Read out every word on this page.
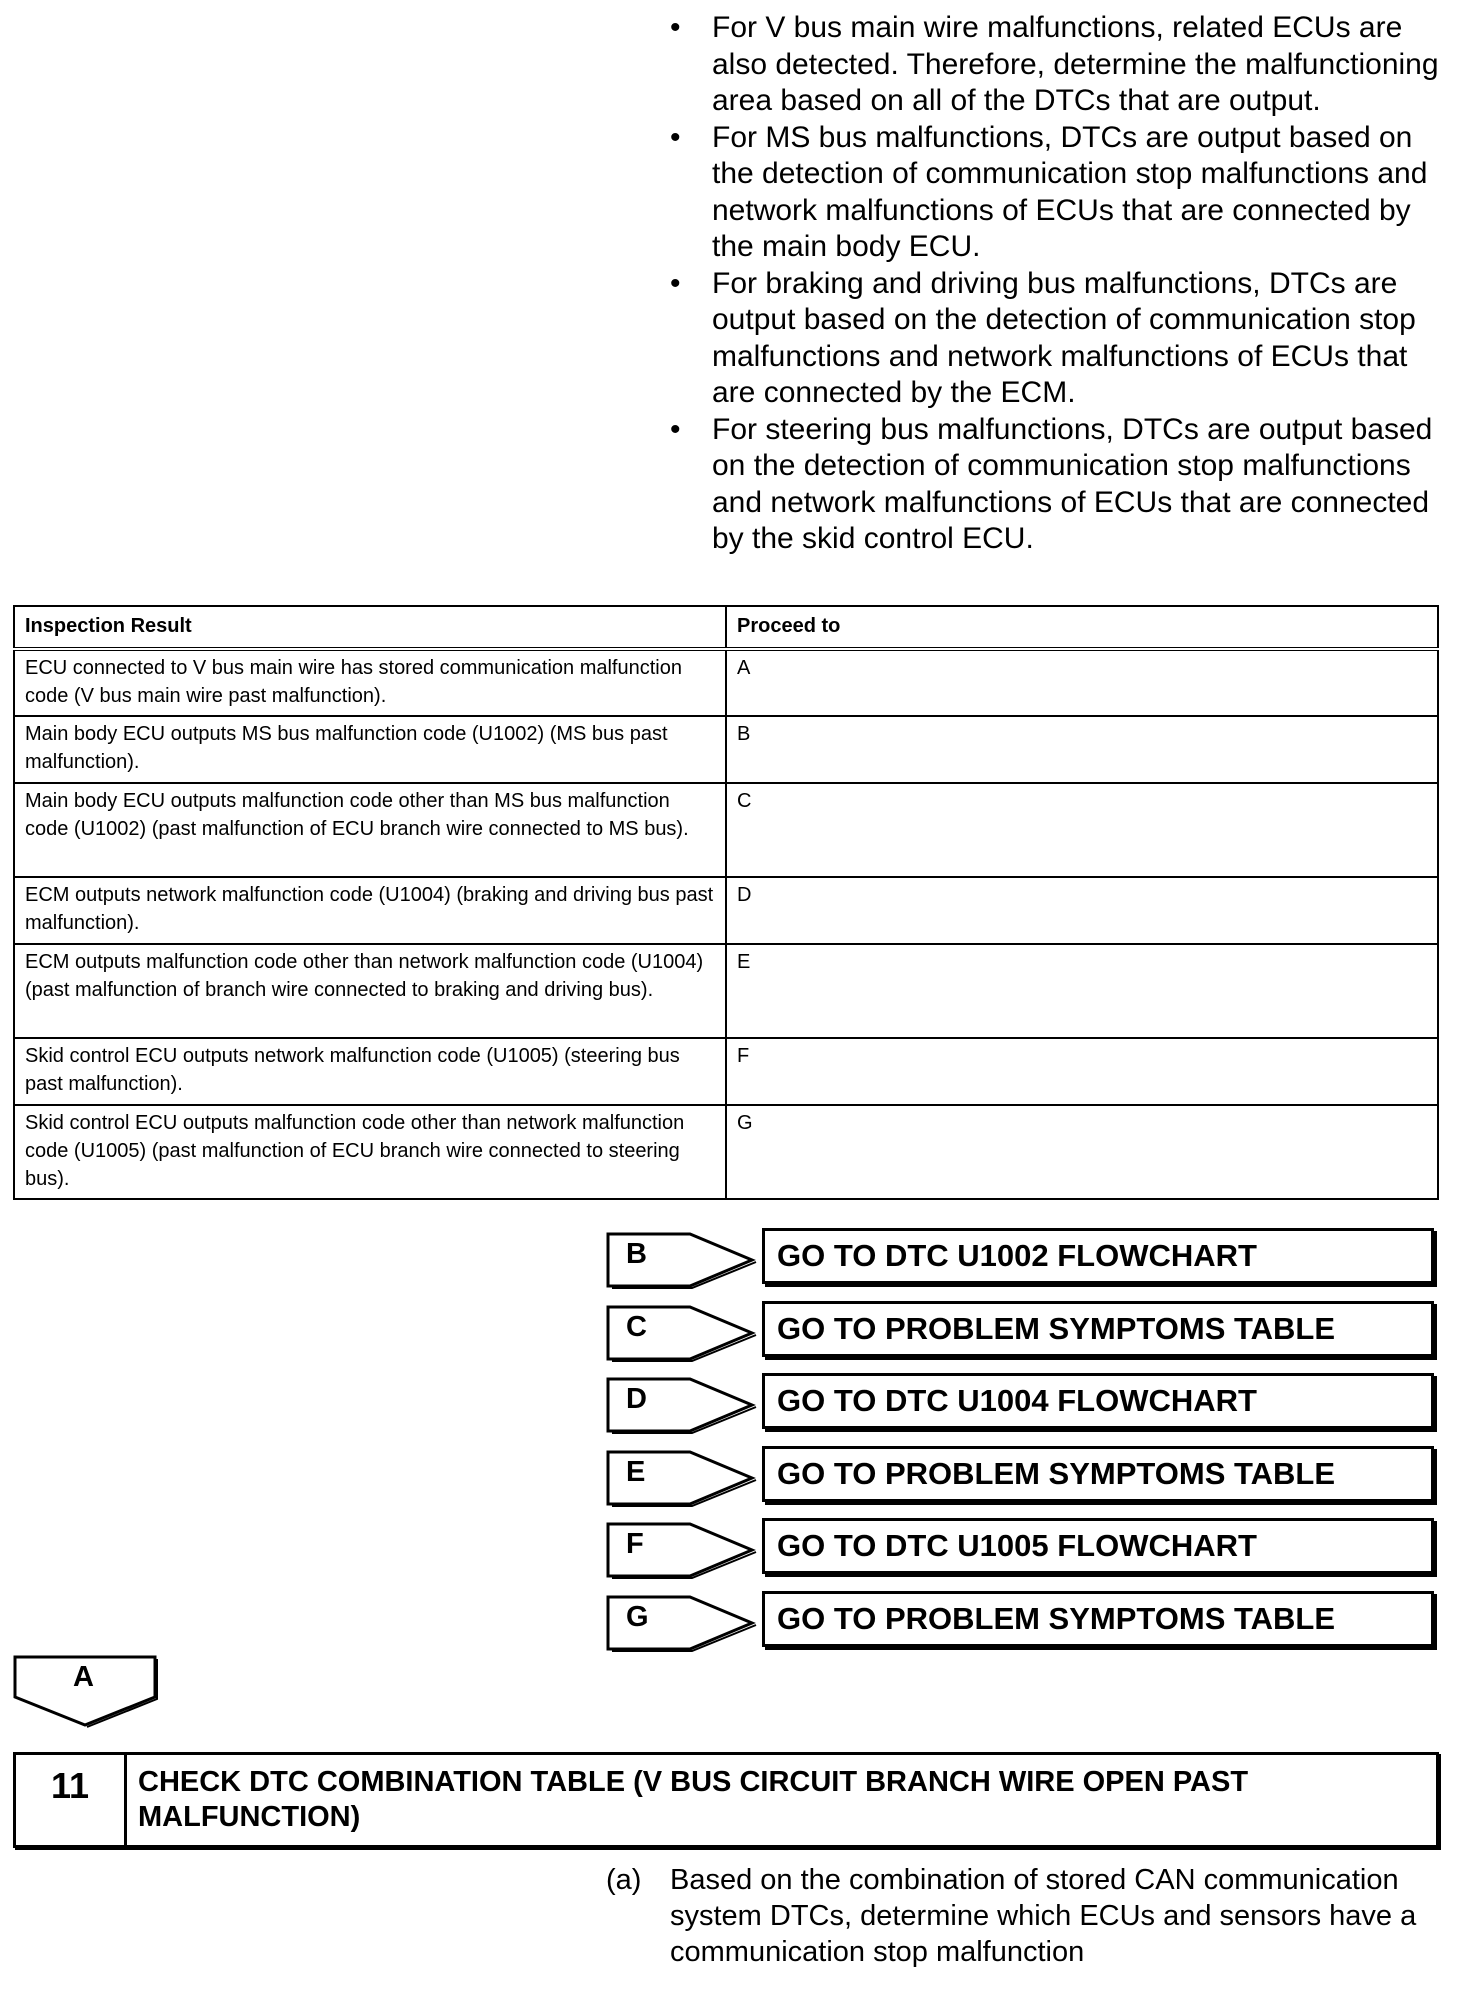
• For V bus main wire malfunctions, related ECUs are also detected. Therefore, determine the malfunctioning area based on all of the DTCs that are output.
• For MS bus malfunctions, DTCs are output based on the detection of communication stop malfunctions and network malfunctions of ECUs that are connected by the main body ECU.
• For braking and driving bus malfunctions, DTCs are output based on the detection of communication stop malfunctions and network malfunctions of ECUs that are connected by the ECM.
• For steering bus malfunctions, DTCs are output based on the detection of communication stop malfunctions and network malfunctions of ECUs that are connected by the skid control ECU.
Inspection Result	Proceed to
ECU connected to V bus main wire has stored communication malfunction code (V bus main wire past malfunction).	A
Main body ECU outputs MS bus malfunction code (U1002) (MS bus past malfunction).	B
Main body ECU outputs malfunction code other than MS bus malfunction code (U1002) (past malfunction of ECU branch wire connected to MS bus).	C
ECM outputs network malfunction code (U1004) (braking and driving bus past malfunction).	D
ECM outputs malfunction code other than network malfunction code (U1004) (past malfunction of branch wire connected to braking and driving bus).	E
Skid control ECU outputs network malfunction code (U1005) (steering bus past malfunction).	F
Skid control ECU outputs malfunction code other than network malfunction code (U1005) (past malfunction of ECU branch wire connected to steering bus).	G
B	GO TO DTC U1002 FLOWCHART
C	GO TO PROBLEM SYMPTOMS TABLE
D	GO TO DTC U1004 FLOWCHART
E	GO TO PROBLEM SYMPTOMS TABLE
F	GO TO DTC U1005 FLOWCHART
G	GO TO PROBLEM SYMPTOMS TABLE
A
11	CHECK DTC COMBINATION TABLE (V BUS CIRCUIT BRANCH WIRE OPEN PAST MALFUNCTION)
(a) Based on the combination of stored CAN communication system DTCs, determine which ECUs and sensors have a communication stop malfunction
